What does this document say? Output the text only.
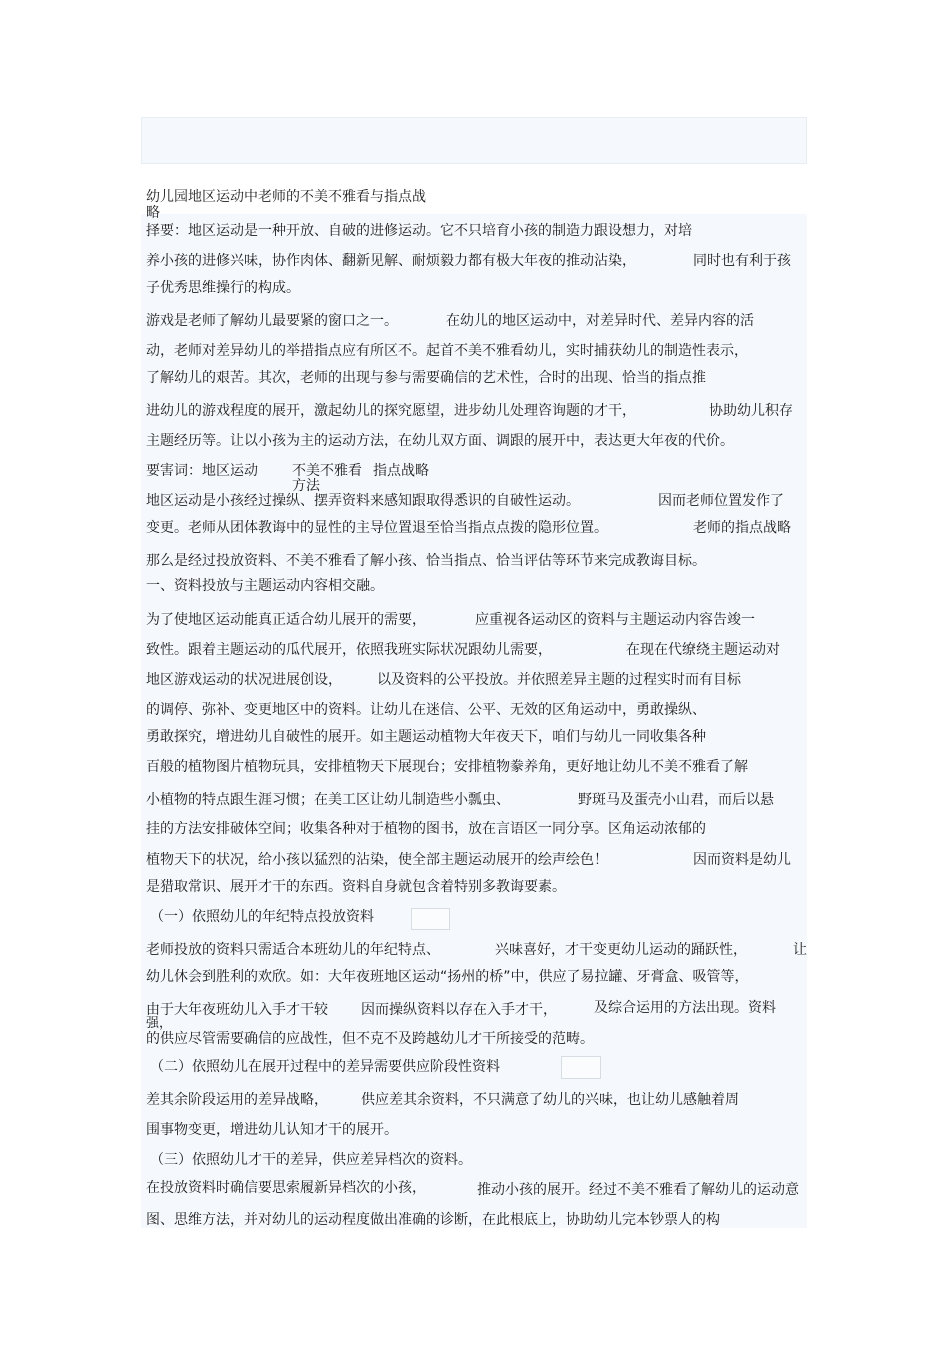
幼儿园地区运动中老师的不美不雅看与指点战
略
择要：地区运动是一种开放、自破的进修运动。它不只培育小孩的制造力跟设想力，对培
养小孩的进修兴味，协作肉体、翻新见解、耐烦毅力都有极大年夜的推动沾染，	同时也有利于孩
子优秀思维操行的构成。
游戏是老师了解幼儿最要紧的窗口之一。	在幼儿的地区运动中，对差异时代、差异内容的活
动，老师对差异幼儿的举措指点应有所区不。起首不美不雅看幼儿，实时捕获幼儿的制造性表示，
了解幼儿的艰苦。其次，老师的出现与参与需要确信的艺术性，合时的出现、恰当的指点推
进幼儿的游戏程度的展开，激起幼儿的探究愿望，进步幼儿处理咨询题的才干，	协助幼儿积存
主题经历等。让以小孩为主的运动方法，在幼儿双方面、调跟的展开中，表达更大年夜的代价。
要害词：地区运动 不美不雅看 指点战略
方法
地区运动是小孩经过操纵、摆弄资料来感知跟取得悉识的自破性运动。	因而老师位置发作了
变更。老师从团体教诲中的显性的主导位置退至恰当指点点拨的隐形位置。	老师的指点战略
那么是经过投放资料、不美不雅看了解小孩、恰当指点、恰当评估等环节来完成教诲目标。
一、资料投放与主题运动内容相交融。
为了使地区运动能真正适合幼儿展开的需要，	应重视各运动区的资料与主题运动内容告竣一
致性。跟着主题运动的瓜代展开，依照我班实际状况跟幼儿需要，	在现在代缭绕主题运动对
地区游戏运动的状况进展创设，	以及资料的公平投放。并依照差异主题的过程实时而有目标
的调停、弥补、变更地区中的资料。让幼儿在迷信、公平、无效的区角运动中，勇敢操纵、
勇敢探究，增进幼儿自破性的展开。如主题运动植物大年夜天下，咱们与幼儿一同收集各种
百般的植物图片植物玩具，安排植物天下展现台；安排植物豢养角，更好地让幼儿不美不雅看了解
小植物的特点跟生涯习惯；在美工区让幼儿制造些小瓢虫、	野斑马及蛋壳小山君，而后以悬
挂的方法安排破体空间；收集各种对于植物的图书，放在言语区一同分享。区角运动浓郁的
植物天下的状况，给小孩以猛烈的沾染，使全部主题运动展开的绘声绘色！	因而资料是幼儿
是猎取常识、展开才干的东西。资料自身就包含着特别多教诲要素。
（一）依照幼儿的年纪特点投放资料
老师投放的资料只需适合本班幼儿的年纪特点、	兴味喜好，才干变更幼儿运动的踊跃性，	让
幼儿休会到胜利的欢欣。如：大年夜班地区运动“扬州的桥”中，供应了易拉罐、牙膏盒、吸管等，
由于大年夜班幼儿入手才干较
强，
因而操纵资料以存在入手才干，	及综合运用的方法出现。资料
的供应尽管需要确信的应战性，但不克不及跨越幼儿才干所接受的范畴。
（二）依照幼儿在展开过程中的差异需要供应阶段性资料
差其余阶段运用的差异战略， 供应差其余资料，不只满意了幼儿的兴味，也让幼儿感触着周
围事物变更，增进幼儿认知才干的展开。
（三）依照幼儿才干的差异，供应差异档次的资料。
在投放资料时确信要思索履新异档次的小孩，	推动小孩的展开。经过不美不雅看了解幼儿的运动意
图、思维方法，并对幼儿的运动程度做出准确的诊断，在此根底上，协助幼儿完本钞票人的构
